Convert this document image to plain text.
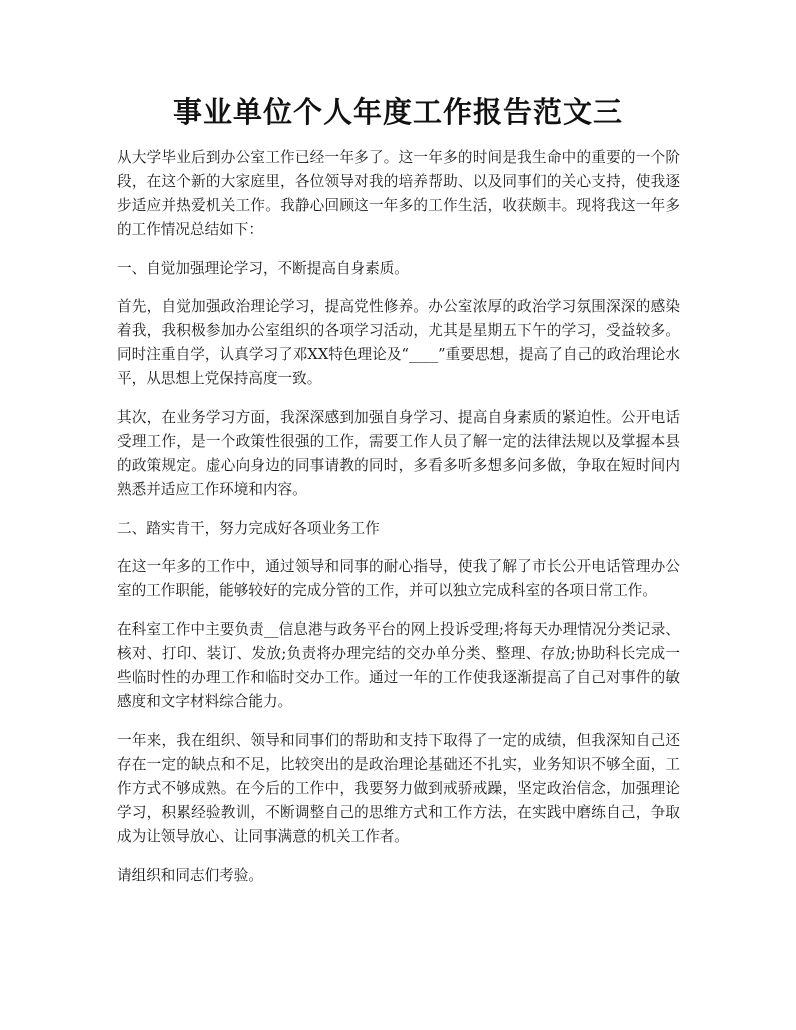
事业单位个人年度工作报告范文三

从大学毕业后到办公室工作已经一年多了。这一年多的时间是我生命中的重要的一个阶段，在这个新的大家庭里，各位领导对我的培养帮助、以及同事们的关心支持，使我逐步适应并热爱机关工作。我静心回顾这一年多的工作生活，收获颇丰。现将我这一年多的工作情况总结如下：

一、自觉加强理论学习，不断提高自身素质。

首先，自觉加强政治理论学习，提高党性修养。办公室浓厚的政治学习氛围深深的感染着我，我积极参加办公室组织的各项学习活动，尤其是星期五下午的学习，受益较多。同时注重自学，认真学习了邓XX特色理论及“____”重要思想，提高了自己的政治理论水平，从思想上党保持高度一致。

其次，在业务学习方面，我深深感到加强自身学习、提高自身素质的紧迫性。公开电话受理工作，是一个政策性很强的工作，需要工作人员了解一定的法律法规以及掌握本县的政策规定。虚心向身边的同事请教的同时，多看多听多想多问多做，争取在短时间内熟悉并适应工作环境和内容。

二、踏实肯干，努力完成好各项业务工作

在这一年多的工作中，通过领导和同事的耐心指导，使我了解了市长公开电话管理办公室的工作职能，能够较好的完成分管的工作，并可以独立完成科室的各项日常工作。

在科室工作中主要负责__信息港与政务平台的网上投诉受理;将每天办理情况分类记录、核对、打印、装订、发放;负责将办理完结的交办单分类、整理、存放;协助科长完成一些临时性的办理工作和临时交办工作。通过一年的工作使我逐渐提高了自己对事件的敏感度和文字材料综合能力。

一年来，我在组织、领导和同事们的帮助和支持下取得了一定的成绩，但我深知自己还存在一定的缺点和不足，比较突出的是政治理论基础还不扎实，业务知识不够全面，工作方式不够成熟。在今后的工作中，我要努力做到戒骄戒躁，坚定政治信念，加强理论学习，积累经验教训，不断调整自己的思维方式和工作方法，在实践中磨练自己，争取成为让领导放心、让同事满意的机关工作者。

请组织和同志们考验。
